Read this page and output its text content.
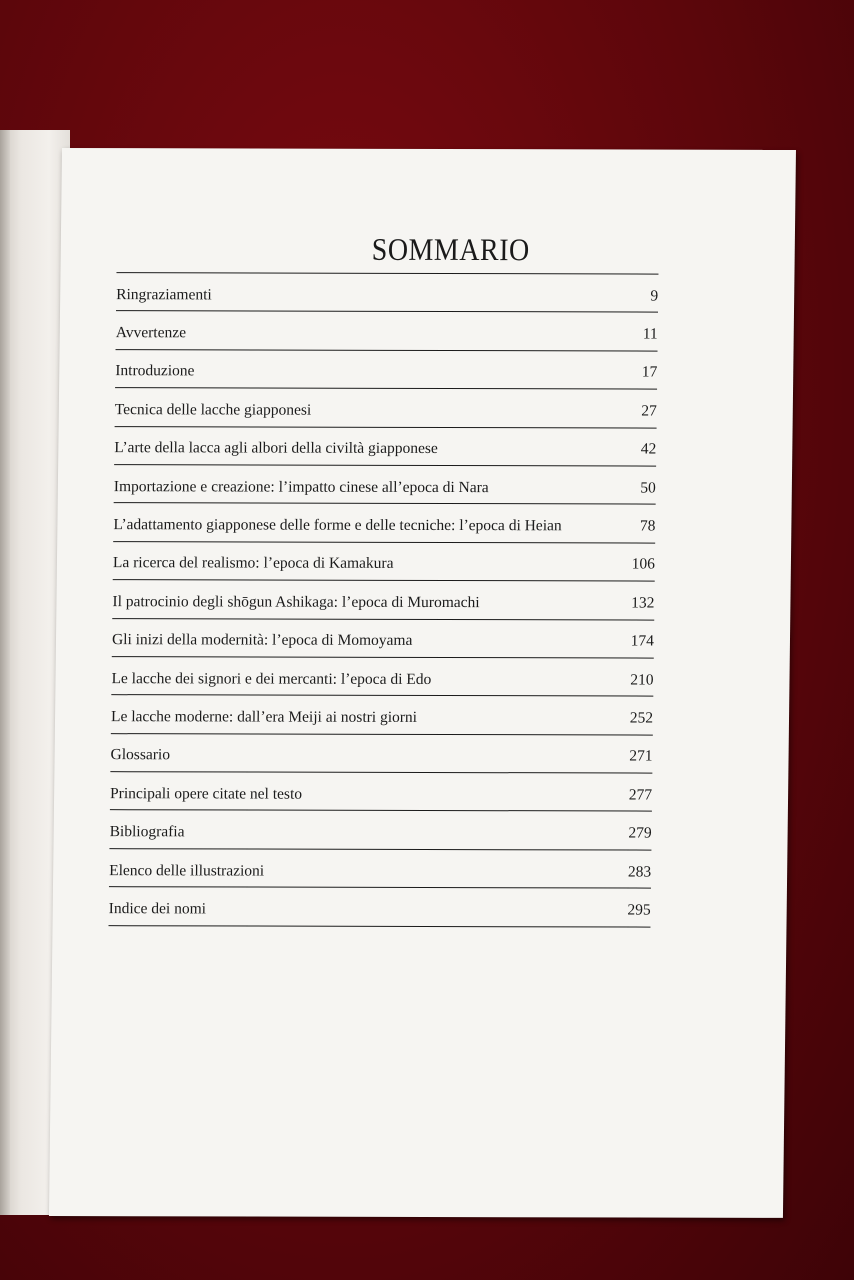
SOMMARIO
Ringraziamenti	9
Avvertenze	11
Introduzione	17
Tecnica delle lacche giapponesi	27
L’arte della lacca agli albori della civiltà giapponese	42
Importazione e creazione: l’impatto cinese all’epoca di Nara	50
L’adattamento giapponese delle forme e delle tecniche: l’epoca di Heian	78
La ricerca del realismo: l’epoca di Kamakura	106
Il patrocinio degli shōgun Ashikaga: l’epoca di Muromachi	132
Gli inizi della modernità: l’epoca di Momoyama	174
Le lacche dei signori e dei mercanti: l’epoca di Edo	210
Le lacche moderne: dall’era Meiji ai nostri giorni	252
Glossario	271
Principali opere citate nel testo	277
Bibliografia	279
Elenco delle illustrazioni	283
Indice dei nomi	295
